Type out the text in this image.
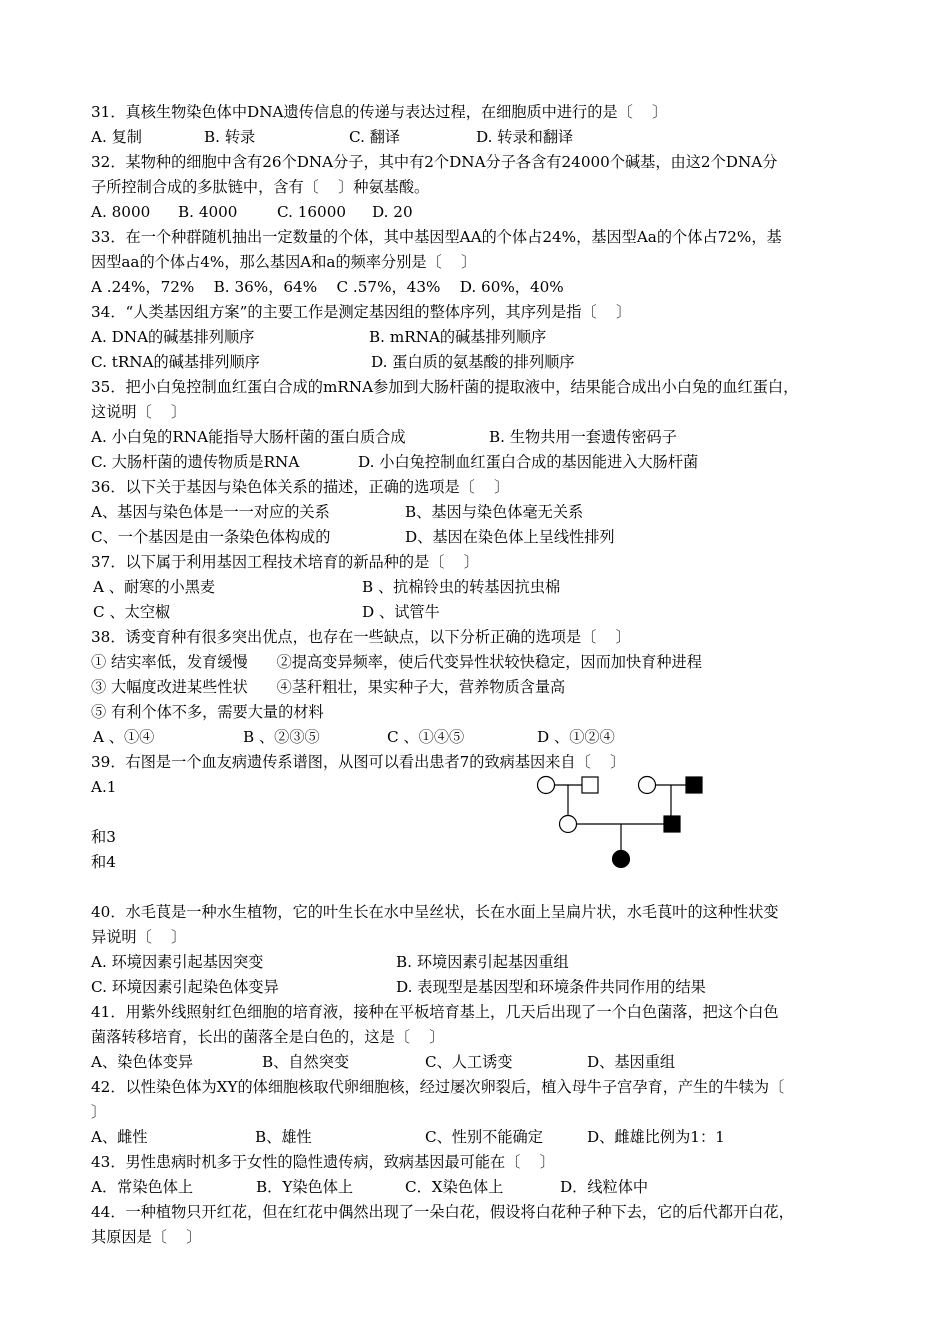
31．真核生物染色体中DNA遗传信息的传递与表达过程，在细胞质中进行的是〔    〕
A. 复制	B. 转录	C. 翻译	D. 转录和翻译
32．某物种的细胞中含有26个DNA分子，其中有2个DNA分子各含有24000个碱基，由这2个DNA分
子所控制合成的多肽链中，含有〔    〕种氨基酸。
A. 8000 B. 4000	C. 16000 D. 20
33．在一个种群随机抽出一定数量的个体，其中基因型AA的个体占24%，基因型Aa的个体占72%，基
因型aa的个体占4%，那么基因A和a的频率分别是〔    〕
A .24%，72%    B. 36%，64%    C .57%，43%    D. 60%，40%
34．“人类基因组方案”的主要工作是测定基因组的整体序列，其序列是指〔    〕
A. DNA的碱基排列顺序	B. mRNA的碱基排列顺序
C. tRNA的碱基排列顺序	D. 蛋白质的氨基酸的排列顺序
35．把小白兔控制血红蛋白合成的mRNA参加到大肠杆菌的提取液中，结果能合成出小白兔的血红蛋白，
这说明〔    〕
A. 小白兔的RNA能指导大肠杆菌的蛋白质合成	B. 生物共用一套遗传密码子
C. 大肠杆菌的遗传物质是RNA	D. 小白兔控制血红蛋白合成的基因能进入大肠杆菌
36．以下关于基因与染色体关系的描述，正确的选项是〔    〕
A、基因与染色体是一一对应的关系	B、基因与染色体毫无关系
C、一个基因是由一条染色体构成的	D、基因在染色体上呈线性排列
37．以下属于利用基因工程技术培育的新品种的是〔    〕
A 、耐寒的小黑麦	B 、抗棉铃虫的转基因抗虫棉
C 、太空椒	D 、试管牛
38．诱变育种有很多突出优点，也存在一些缺点，以下分析正确的选项是〔    〕
① 结实率低，发育缓慢      ②提高变异频率，使后代变异性状较快稳定，因而加快育种进程
③ 大幅度改进某些性状      ④茎秆粗壮，果实种子大，营养物质含量高
⑤ 有利个体不多，需要大量的材料
A 、①④	B 、②③⑤	C 、①④⑤	D 、①②④
39．右图是一个血友病遗传系谱图，从图可以看出患者7的致病基因来自〔    〕
A.1
和3
和4
40．水毛茛是一种水生植物，它的叶生长在水中呈丝状，长在水面上呈扁片状，水毛茛叶的这种性状变
异说明〔    〕
A. 环境因素引起基因突变	B. 环境因素引起基因重组
C. 环境因素引起染色体变异	D. 表现型是基因型和环境条件共同作用的结果
41．用紫外线照射红色细胞的培育液，接种在平板培育基上，几天后出现了一个白色菌落，把这个白色
菌落转移培育，长出的菌落全是白色的，这是〔    〕
A、染色体变异	B、自然突变	C、人工诱变	D、基因重组
42．以性染色体为XY的体细胞核取代卵细胞核，经过屡次卵裂后，植入母牛子宫孕育，产生的牛犊为〔
〕
A、雌性	B、雄性	C、性别不能确定	D、雌雄比例为1：1
43．男性患病时机多于女性的隐性遗传病，致病基因最可能在〔    〕
A．常染色体上	B．Y染色体上	C．X染色体上	D．线粒体中
44．一种植物只开红花，但在红花中偶然出现了一朵白花，假设将白花种子种下去，它的后代都开白花，
其原因是〔    〕
